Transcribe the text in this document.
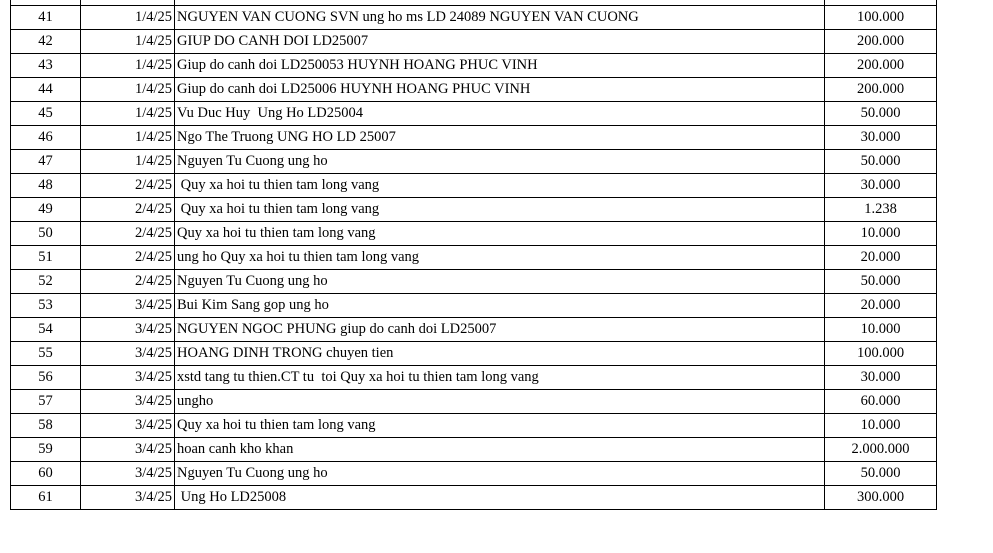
41	1/4/25	NGUYEN VAN CUONG SVN ung ho ms LD 24089 NGUYEN VAN CUONG	100.000
42	1/4/25	GIUP DO CANH DOI LD25007	200.000
43	1/4/25	Giup do canh doi LD250053 HUYNH HOANG PHUC VINH	200.000
44	1/4/25	Giup do canh doi LD25006 HUYNH HOANG PHUC VINH	200.000
45	1/4/25	Vu Duc Huy  Ung Ho LD25004	50.000
46	1/4/25	Ngo The Truong UNG HO LD 25007	30.000
47	1/4/25	Nguyen Tu Cuong ung ho	50.000
48	2/4/25	Quy xa hoi tu thien tam long vang	30.000
49	2/4/25	Quy xa hoi tu thien tam long vang	1.238
50	2/4/25	Quy xa hoi tu thien tam long vang	10.000
51	2/4/25	ung ho Quy xa hoi tu thien tam long vang	20.000
52	2/4/25	Nguyen Tu Cuong ung ho	50.000
53	3/4/25	Bui Kim Sang gop ung ho	20.000
54	3/4/25	NGUYEN NGOC PHUNG giup do canh doi LD25007	10.000
55	3/4/25	HOANG DINH TRONG chuyen tien	100.000
56	3/4/25	xstd tang tu thien.CT tu  toi Quy xa hoi tu thien tam long vang	30.000
57	3/4/25	ungho	60.000
58	3/4/25	Quy xa hoi tu thien tam long vang	10.000
59	3/4/25	hoan canh kho khan	2.000.000
60	3/4/25	Nguyen Tu Cuong ung ho	50.000
61	3/4/25	Ung Ho LD25008	300.000
